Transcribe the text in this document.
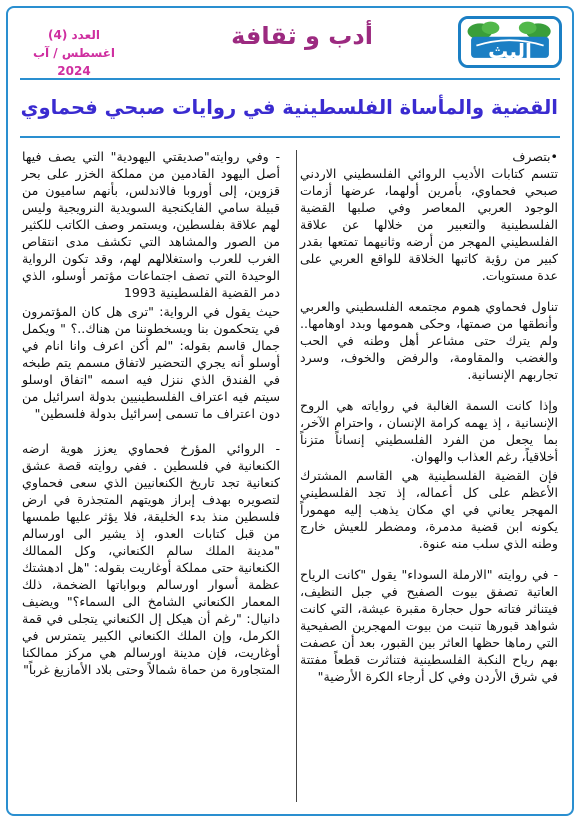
البث
أدب و ثقافة
العدد (4)
اغسطس / آب 2024
القضية والمأساة الفلسطينية في روايات صبحي فحماوي

•بتصرف
تتسم كتابات الأديب الروائي الفلسطيني الاردني صبحي فحماوي، بأمرين أولهما، عرضها أزمات الوجود العربي المعاصر وفي صلبها القضية الفلسطينية والتعبير من خلالها عن علاقة الفلسطيني المهجر من أرضه وثانيهما تمتعها بقدر كبير من رؤية كاتبها الخلاقة للواقع العربي على عدة مستويات.

تناول فحماوي هموم مجتمعه الفلسطيني والعربي وأنطقها من صمتها، وحكى همومها وبدد اوهامها.. ولم يترك حتى مشاعر أهل وطنه في الحب والغضب والمقاومة، والرفض والخوف، وسرد تجاربهم الإنسانية.

وإذا كانت السمة الغالبة في رواياته هي الروح الإنسانية ، إذ يهمه كرامة الإنسان ، واحترام الآخر، بما يجعل من الفرد الفلسطيني إنساناً متزناً أخلاقياً، رغم العذاب والهوان.

فإن القضية الفلسطينية هي القاسم المشترك الأعظم على كل أعماله، إذ تجد الفلسطيني المهجر يعاني في اي مكان يذهب إليه مهموراً يكونه ابن قضية مدمرة، ومضطر للعيش خارج وطنه الذي سلب منه عنوة.

- في روايته "الارملة السوداء" يقول "كانت الرياح العاتية تصفق بيوت الصفيح في جبل النظيف، فيتناثر فتاته حول حجارة مقبرة عيشة، التي كانت شواهد قبورها تنبت من بيوت المهجرين الصفيحية التي رماها حظها العاثر بين القبور، بعد أن عصفت بهم رياح النكبة الفلسطينية فتناثرت قطعاً مفتتة في شرق الأردن وفي كل أرجاء الكرة الأرضية"

- وفي روايته"صديقتي اليهودية" التي يصف فيها أصل اليهود القادمين من مملكة الخزر على بحر قزوين، إلى أوروبا فالاندلس، بأنهم ساميون من قبيلة سامي الفايكنجية السويدية النرويجية وليس لهم علاقة بفلسطين، ويستمر وصف الكاتب للكثير من الصور والمشاهد التي تكشف مدى انتقاص الغرب للعرب واستغلالهم لهم، وقد تكون الرواية الوحيدة التي تصف اجتماعات مؤتمر أوسلو، الذي دمر القضية الفلسطينية 1993

حيث يقول في الرواية: "ترى هل كان المؤتمرون في يتحكمون بنا ويسخطوننا من هناك..؟ " ويكمل جمال قاسم بقوله: "لم أكن اعرف وانا انام في أوسلو أنه يجري التحضير لاتفاق مسمم يتم طبخه في الفندق الذي ننزل فيه اسمه "اتفاق اوسلو سيتم فيه اعتراف الفلسطينيين بدولة اسرائيل من دون اعتراف ما تسمى إسرائيل بدولة فلسطين"

- الروائي المؤرخ فحماوي يعزز هوية ارضه الكنعانية في فلسطين . ففي روايته قصة عشق كنعانية تجد تاريخ الكنعانيين الذي سعى فحماوي لتصويره بهدف إبراز هويتهم المتجذرة في ارض فلسطين منذ بدء الخليقة، فلا يؤثر عليها طمسها من قبل كتابات العدو، إذ يشير الى اورسالم "مدينة الملك سالم الكنعاني، وكل الممالك الكنعانية حتى مملكة أوغاريت بقوله: "هل ادهشتك عظمة أسوار اورسالم وبواباتها الضخمة، ذلك المعمار الكنعاني الشامخ الى السماء؟" ويضيف دانيال: "رغم أن هيكل إل الكنعاني يتجلى في قمة الكرمل، وإن الملك الكنعاني الكبير يتمترس في أوغاريت، فإن مدينة اورسالم هي مركز ممالكنا المتجاورة من حماة شمالاً وحتى بلاد الأمازيغ غرباً"
